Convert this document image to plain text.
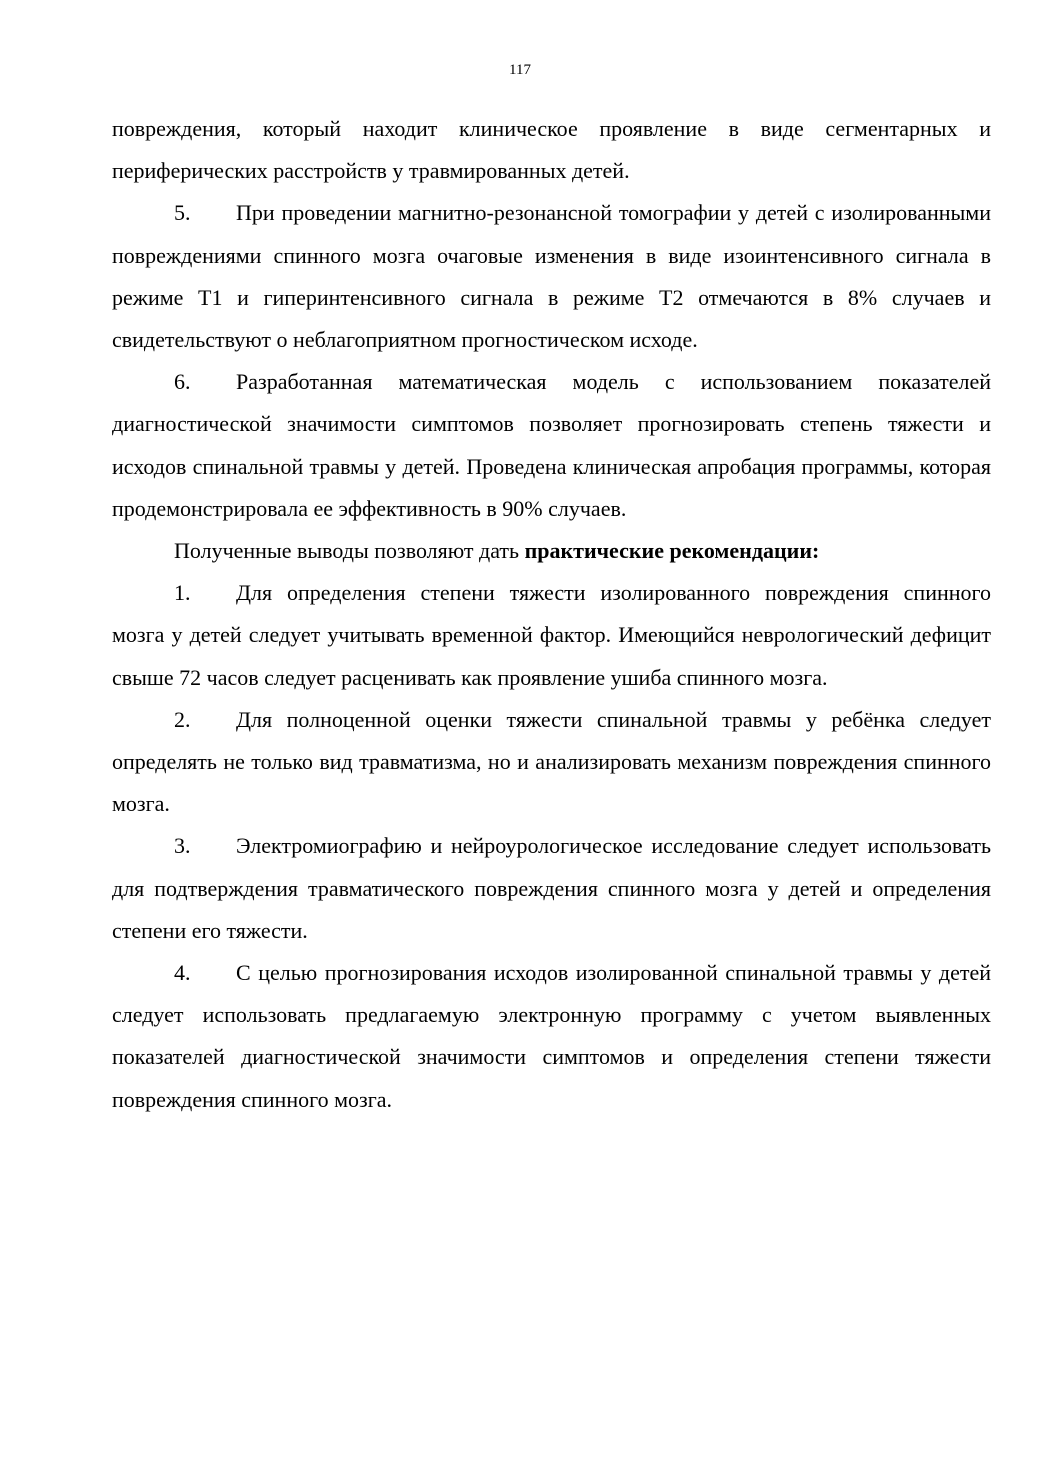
117

повреждения, который находит клиническое проявление в виде сегментарных и периферических расстройств у травмированных детей.

5. При проведении магнитно-резонансной томографии у детей с изолированными повреждениями спинного мозга очаговые изменения в виде изоинтенсивного сигнала в режиме Т1 и гиперинтенсивного сигнала в режиме Т2 отмечаются в 8% случаев и свидетельствуют о неблагоприятном прогностическом исходе.

6. Разработанная математическая модель с использованием показателей диагностической значимости симптомов позволяет прогнозировать степень тяжести и исходов спинальной травмы у детей. Проведена клиническая апробация программы, которая продемонстрировала ее эффективность в 90% случаев.

Полученные выводы позволяют дать практические рекомендации:

1. Для определения степени тяжести изолированного повреждения спинного мозга у детей следует учитывать временной фактор. Имеющийся неврологический дефицит свыше 72 часов следует расценивать как проявление ушиба спинного мозга.

2. Для полноценной оценки тяжести спинальной травмы у ребёнка следует определять не только вид травматизма, но и анализировать механизм повреждения спинного мозга.

3. Электромиографию и нейроурологическое исследование следует использовать для подтверждения травматического повреждения спинного мозга у детей и определения степени его тяжести.

4. С целью прогнозирования исходов изолированной спинальной травмы у детей следует использовать предлагаемую электронную программу с учетом выявленных показателей диагностической значимости симптомов и определения степени тяжести повреждения спинного мозга.
